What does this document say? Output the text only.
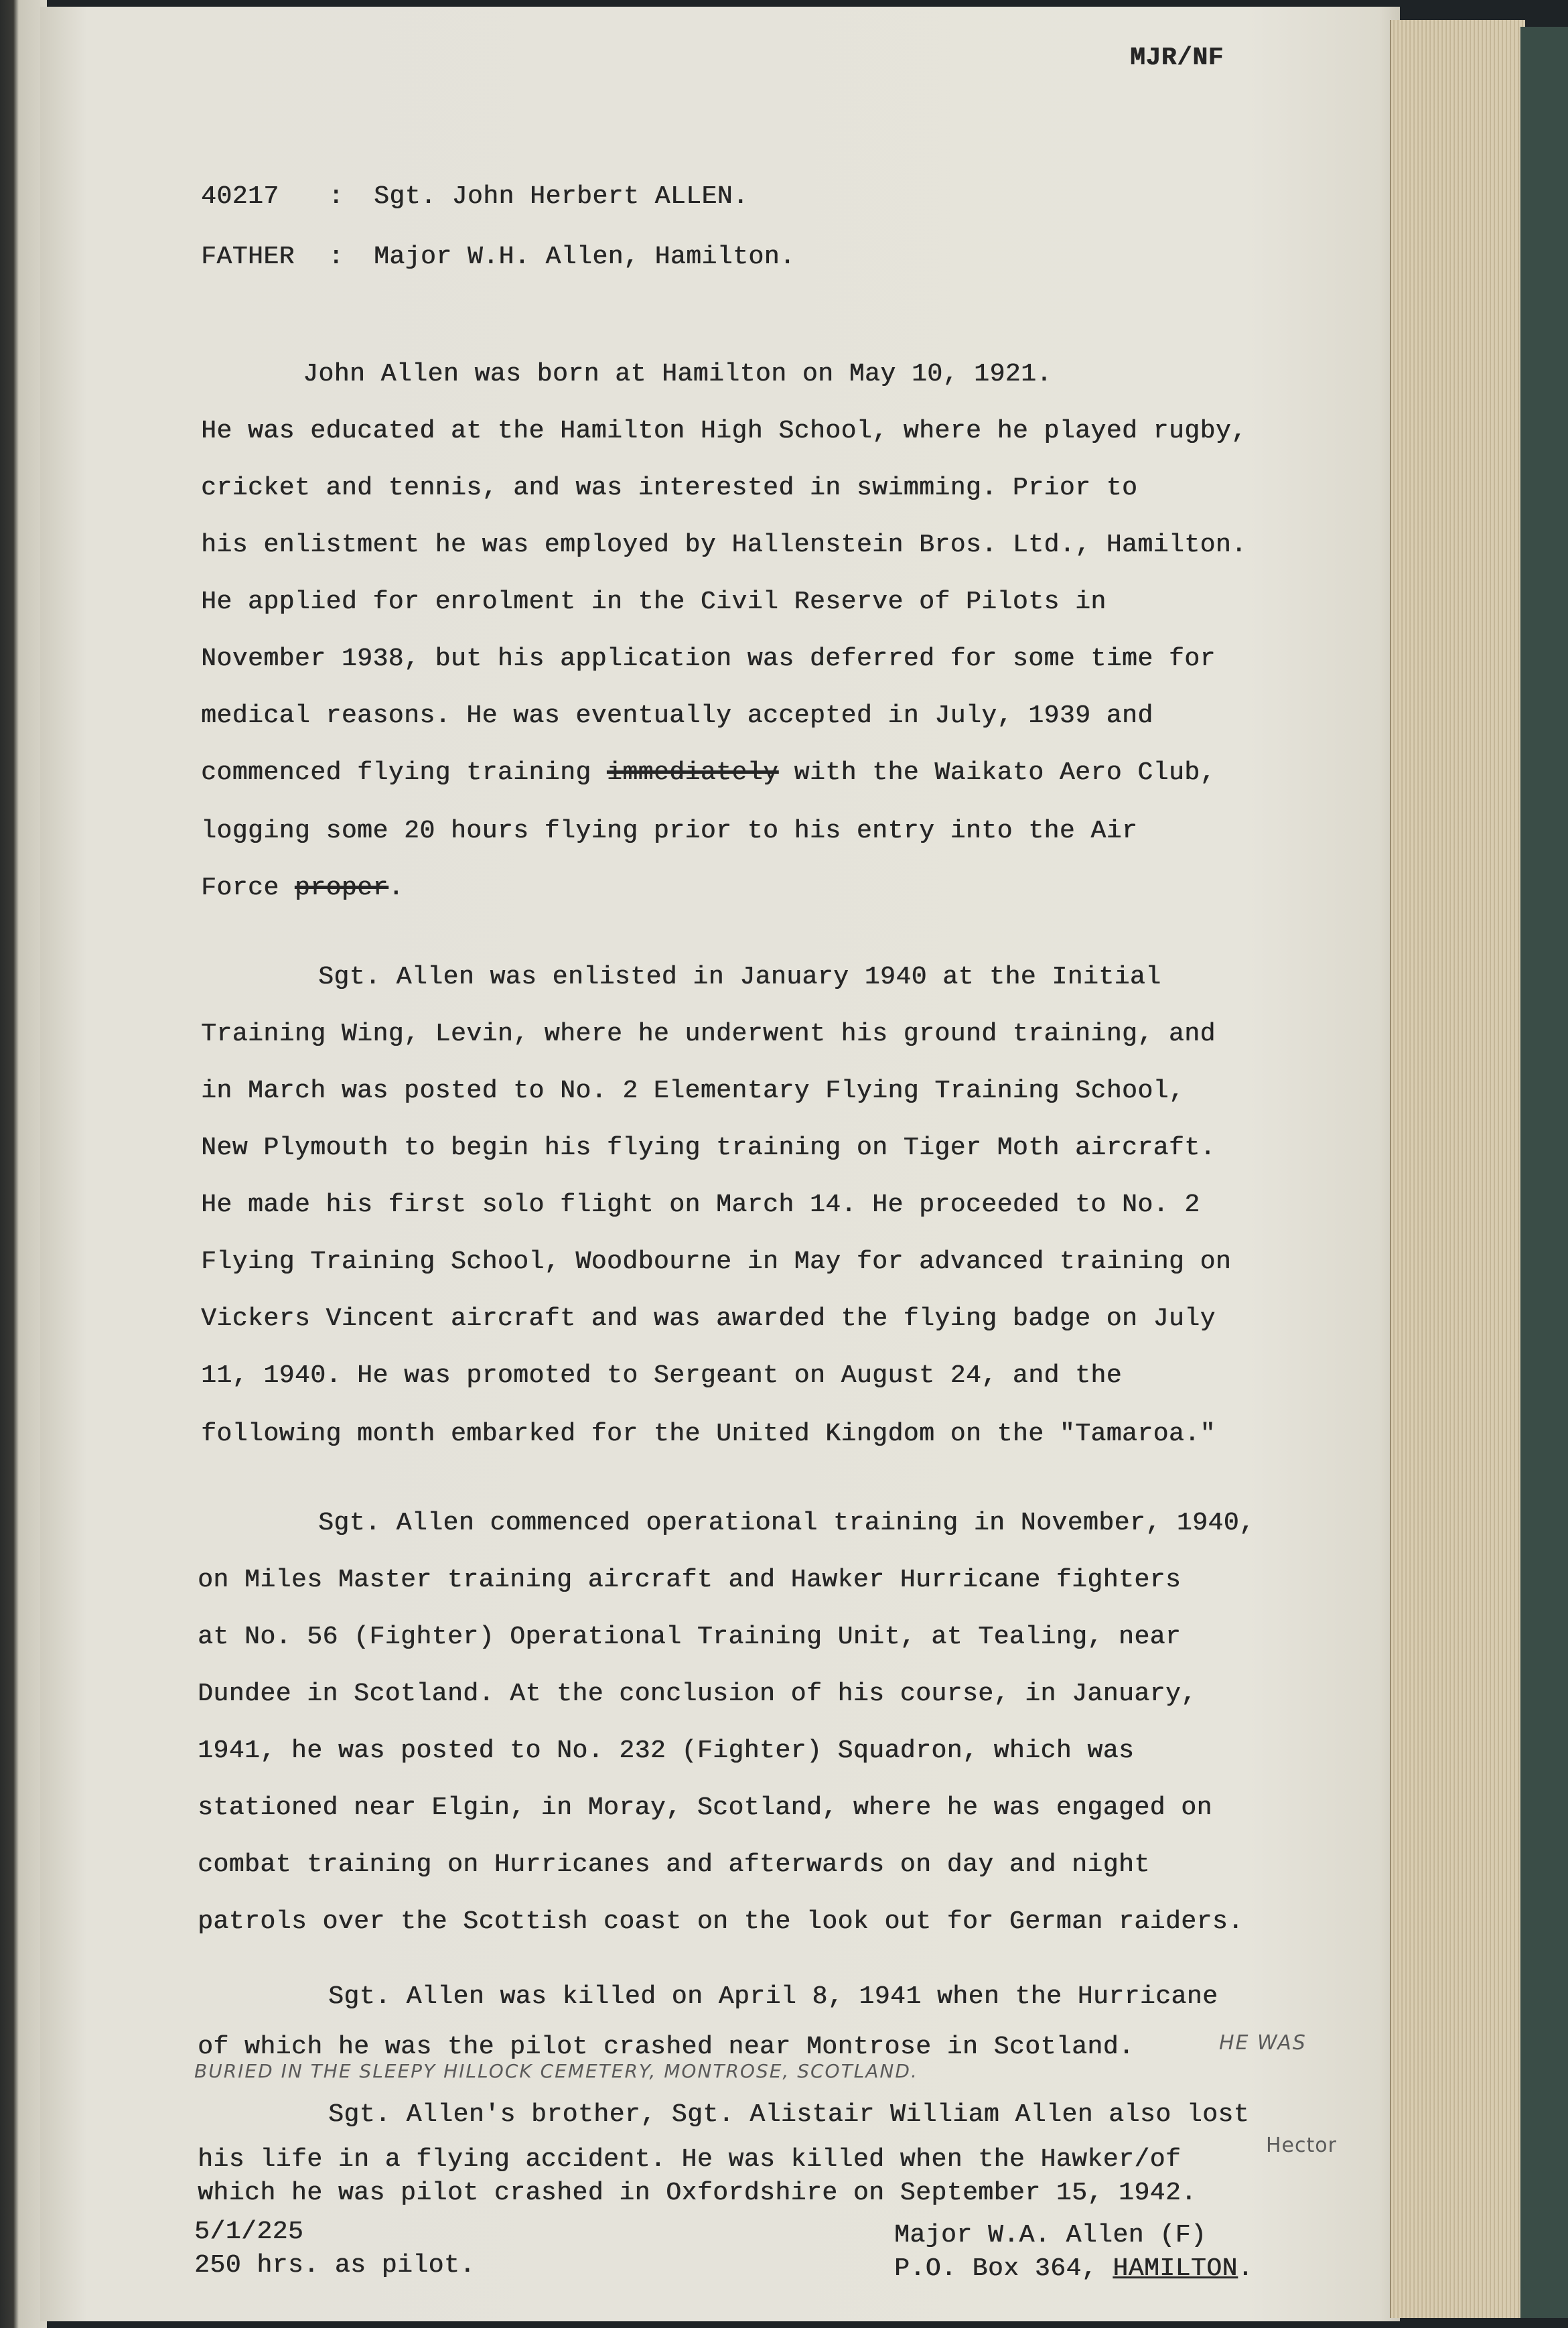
MJR/NF
40217 : Sgt. John Herbert ALLEN.
FATHER : Major W.H. Allen, Hamilton.
John Allen was born at Hamilton on May 10, 1921.
He was educated at the Hamilton High School, where he played rugby,
cricket and tennis, and was interested in swimming. Prior to
his enlistment he was employed by Hallenstein Bros. Ltd., Hamilton.
He applied for enrolment in the Civil Reserve of Pilots in
November 1938, but his application was deferred for some time for
medical reasons. He was eventually accepted in July, 1939 and
commenced flying training immediately with the Waikato Aero Club,
logging some 20 hours flying prior to his entry into the Air
Force proper.
Sgt. Allen was enlisted in January 1940 at the Initial
Training Wing, Levin, where he underwent his ground training, and
in March was posted to No. 2 Elementary Flying Training School,
New Plymouth to begin his flying training on Tiger Moth aircraft.
He made his first solo flight on March 14. He proceeded to No. 2
Flying Training School, Woodbourne in May for advanced training on
Vickers Vincent aircraft and was awarded the flying badge on July
11, 1940. He was promoted to Sergeant on August 24, and the
following month embarked for the United Kingdom on the "Tamaroa."
Sgt. Allen commenced operational training in November, 1940,
on Miles Master training aircraft and Hawker Hurricane fighters
at No. 56 (Fighter) Operational Training Unit, at Tealing, near
Dundee in Scotland. At the conclusion of his course, in January,
1941, he was posted to No. 232 (Fighter) Squadron, which was
stationed near Elgin, in Moray, Scotland, where he was engaged on
combat training on Hurricanes and afterwards on day and night
patrols over the Scottish coast on the look out for German raiders.
Sgt. Allen was killed on April 8, 1941 when the Hurricane
of which he was the pilot crashed near Montrose in Scotland.	HE WAS
BURIED IN THE SLEEPY HILLOCK CEMETERY, MONTROSE, SCOTLAND.
Sgt. Allen's brother, Sgt. Alistair William Allen also lost
his life in a flying accident. He was killed when the Hawker/of	Hector
which he was pilot crashed in Oxfordshire on September 15, 1942.
5/1/225
250 hrs. as pilot.
Major W.A. Allen (F)
P.O. Box 364, HAMILTON.
